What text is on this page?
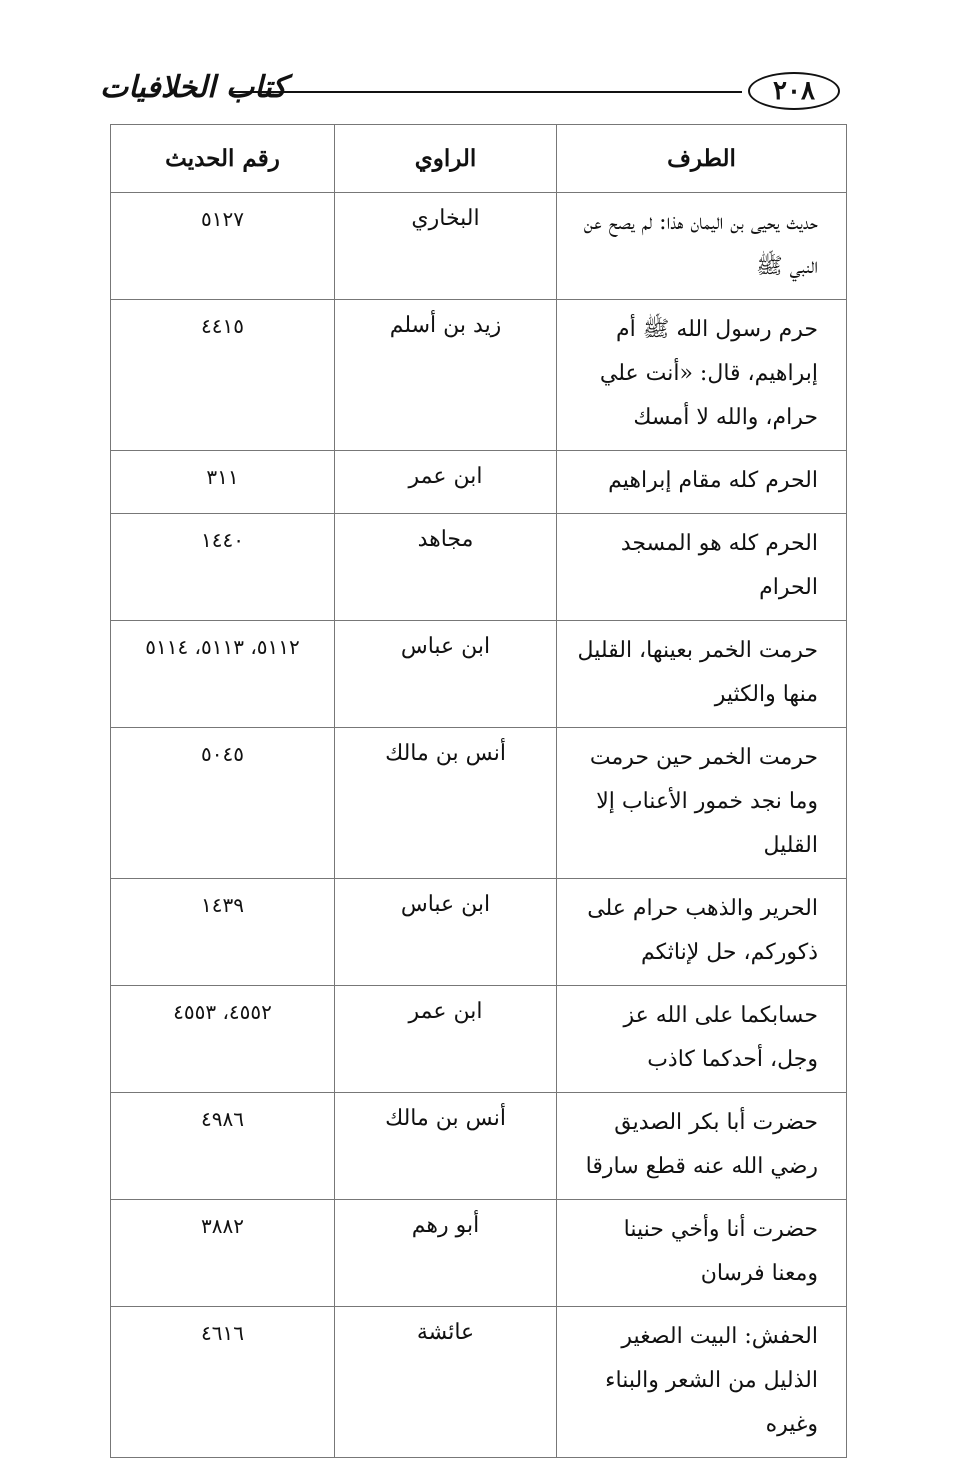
كتاب الخلافيات	٢٠٨
الطرف	الراوي	رقم الحديث
حديث يحيى بن اليمان هذا: لم يصح عن النبي ﷺ	البخاري	٥١٢٧
حرم رسول الله ﷺ أم إبراهيم، قال: «أنت علي حرام، والله لا أمسك	زيد بن أسلم	٤٤١٥
الحرم كله مقام إبراهيم	ابن عمر	٣١١
الحرم كله هو المسجد الحرام	مجاهد	١٤٤٠
حرمت الخمر بعينها، القليل منها والكثير	ابن عباس	٥١١٢، ٥١١٣، ٥١١٤
حرمت الخمر حين حرمت وما نجد خمور الأعناب إلا القليل	أنس بن مالك	٥٠٤٥
الحرير والذهب حرام على ذكوركم، حل لإناثكم	ابن عباس	١٤٣٩
حسابكما على الله عز وجل، أحدكما كاذب	ابن عمر	٤٥٥٢، ٤٥٥٣
حضرت أبا بكر الصديق رضي الله عنه قطع سارقا	أنس بن مالك	٤٩٨٦
حضرت أنا وأخي حنينا ومعنا فرسان	أبو رهم	٣٨٨٢
الحفش: البيت الصغير الذليل من الشعر والبناء وغيره	عائشة	٤٦١٦
